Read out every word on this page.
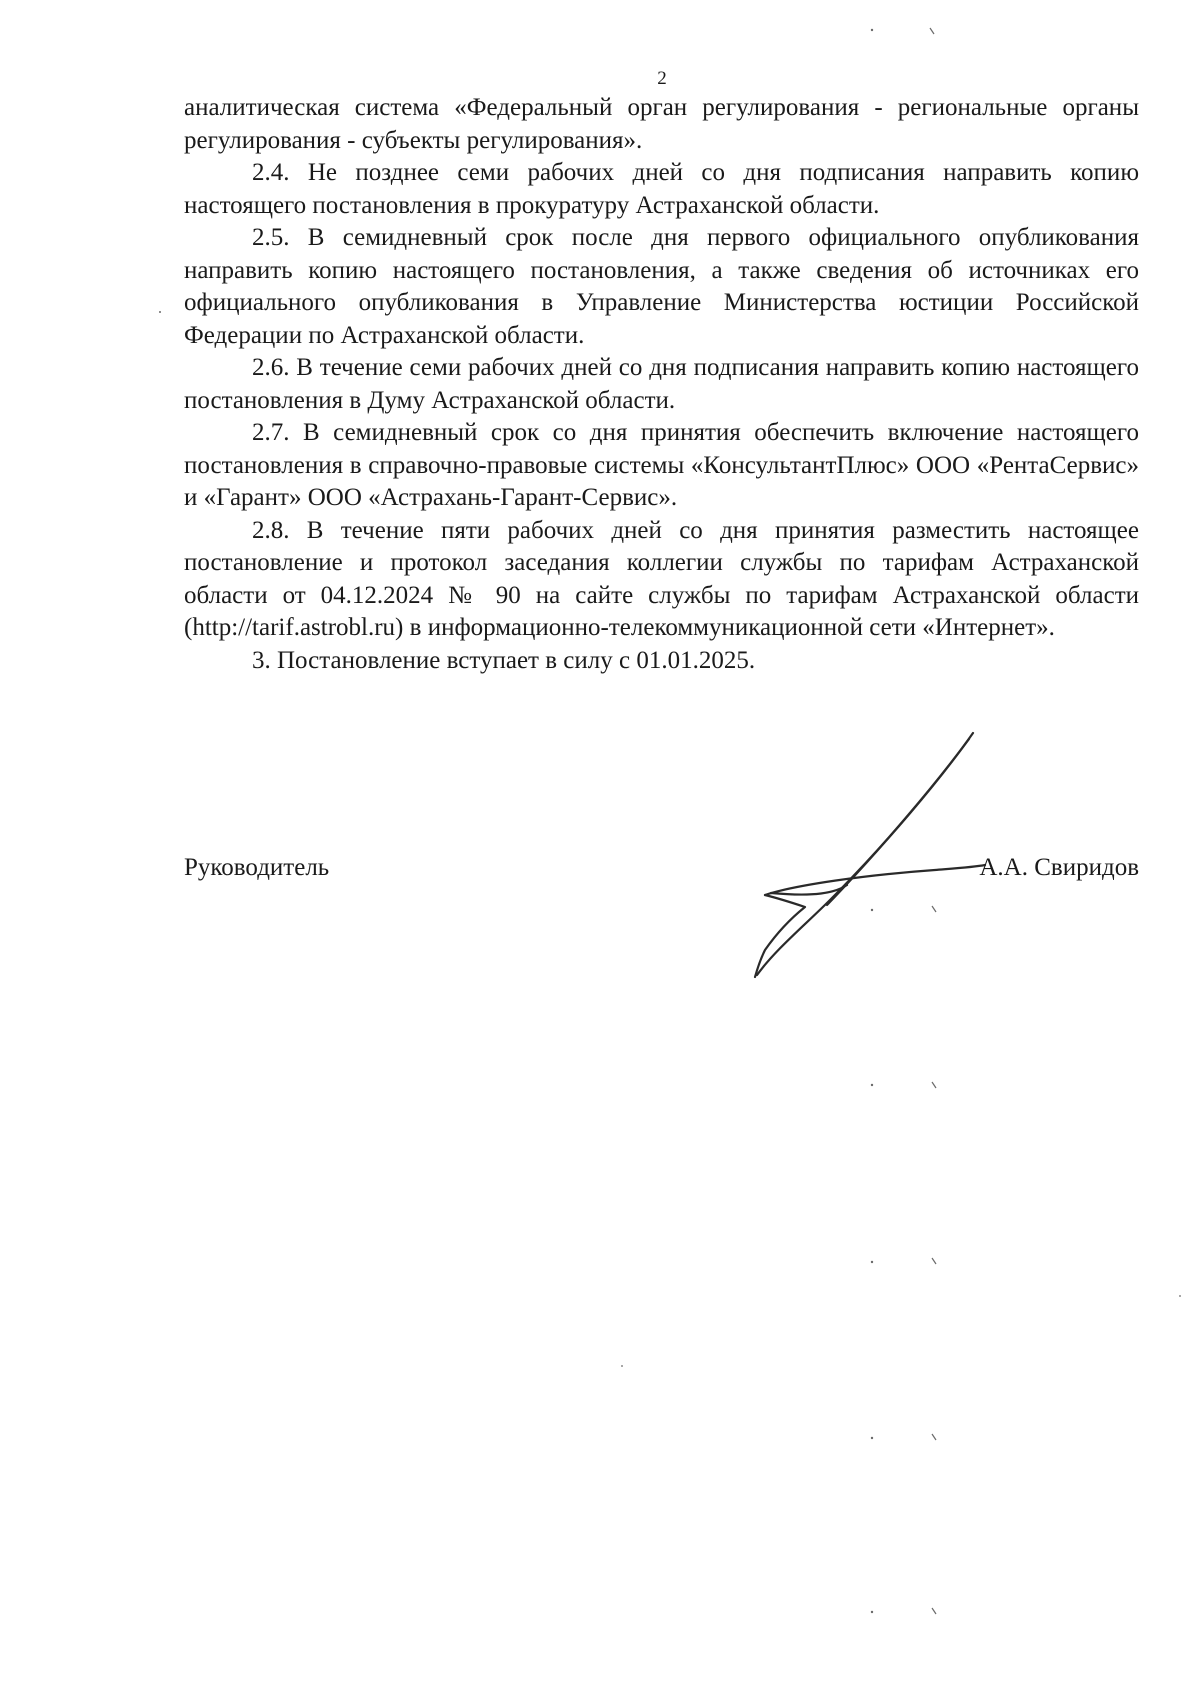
2

аналитическая система «Федеральный орган регулирования - региональные органы регулирования - субъекты регулирования».

2.4. Не позднее семи рабочих дней со дня подписания направить копию настоящего постановления в прокуратуру Астраханской области.

2.5. В семидневный срок после дня первого официального опубликования направить копию настоящего постановления, а также сведения об источниках его официального опубликования в Управление Министерства юстиции Российской Федерации по Астраханской области.

2.6. В течение семи рабочих дней со дня подписания направить копию настоящего постановления в Думу Астраханской области.

2.7. В семидневный срок со дня принятия обеспечить включение настоящего постановления в справочно-правовые системы «КонсультантПлюс» ООО «РентаСервис» и «Гарант» ООО «Астрахань-Гарант-Сервис».

2.8. В течение пяти рабочих дней со дня принятия разместить настоящее постановление и протокол заседания коллегии службы по тарифам Астраханской области от 04.12.2024 № 90 на сайте службы по тарифам Астраханской области (http://tarif.astrobl.ru) в информационно-телекоммуникационной сети «Интернет».

3. Постановление вступает в силу с 01.01.2025.

Руководитель	А.А. Свиридов
